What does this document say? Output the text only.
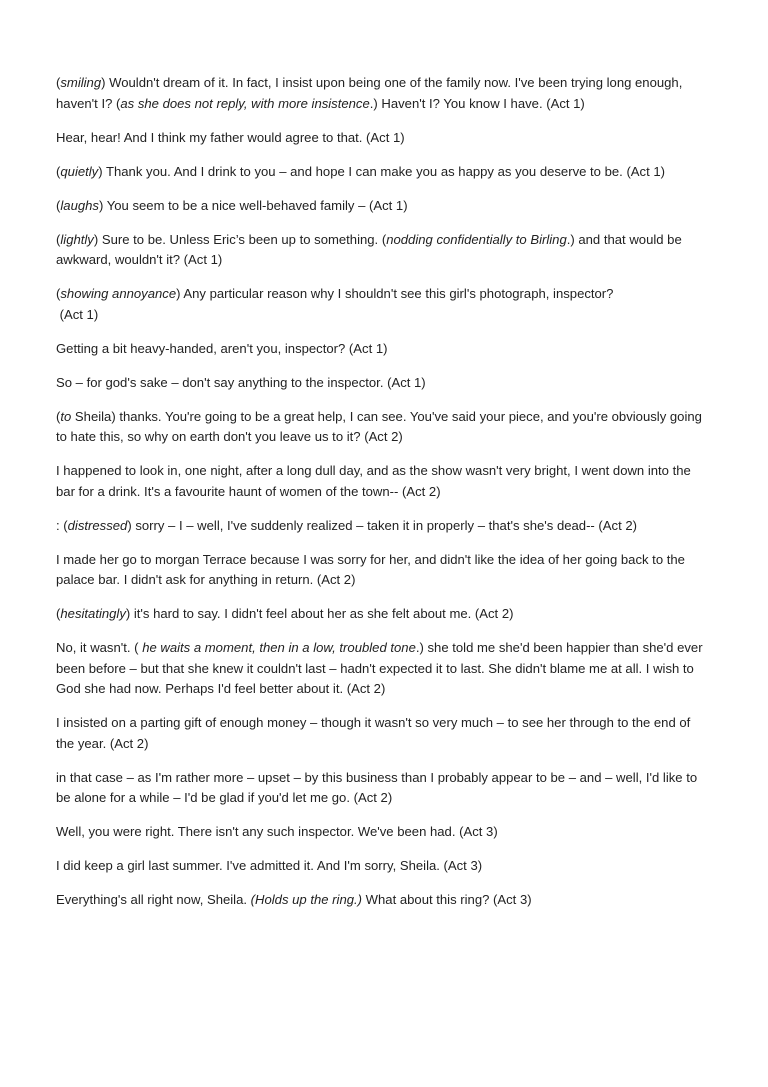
(smiling) Wouldn't dream of it. In fact, I insist upon being one of the family now. I've been trying long enough, haven't I? (as she does not reply, with more insistence.) Haven't I? You know I have. (Act 1)

Hear, hear! And I think my father would agree to that. (Act 1)

(quietly) Thank you. And I drink to you – and hope I can make you as happy as you deserve to be. (Act 1)

(laughs) You seem to be a nice well-behaved family – (Act 1)

(lightly) Sure to be. Unless Eric’s been up to something. (nodding confidentially to Birling.) and that would be awkward, wouldn't it? (Act 1)

(showing annoyance) Any particular reason why I shouldn't see this girl's photograph, inspector?
(Act 1)

Getting a bit heavy-handed, aren't you, inspector? (Act 1)

So – for god's sake – don't say anything to the inspector. (Act 1)

(to Sheila) thanks. You're going to be a great help, I can see. You've said your piece, and you're obviously going to hate this, so why on earth don't you leave us to it? (Act 2)

I happened to look in, one night, after a long dull day, and as the show wasn't very bright, I went down into the bar for a drink. It's a favourite haunt of women of the town-- (Act 2)

: (distressed) sorry – I – well, I've suddenly realized – taken it in properly – that's she's dead-- (Act 2)

I made her go to morgan Terrace because I was sorry for her, and didn't like the idea of her going back to the palace bar. I didn't ask for anything in return. (Act 2)

(hesitatingly) it's hard to say. I didn't feel about her as she felt about me. (Act 2)

No, it wasn't. ( he waits a moment, then in a low, troubled tone.) she told me she'd been happier than she'd ever been before – but that she knew it couldn't last – hadn't expected it to last. She didn't blame me at all. I wish to God she had now. Perhaps I'd feel better about it. (Act 2)

I insisted on a parting gift of enough money – though it wasn't so very much – to see her through to the end of the year. (Act 2)

in that case – as I'm rather more – upset – by this business than I probably appear to be – and – well, I'd like to be alone for a while – I'd be glad if you'd let me go. (Act 2)

Well, you were right. There isn't any such inspector. We've been had. (Act 3)

I did keep a girl last summer. I've admitted it. And I'm sorry, Sheila. (Act 3)

Everything's all right now, Sheila. (Holds up the ring.) What about this ring? (Act 3)
